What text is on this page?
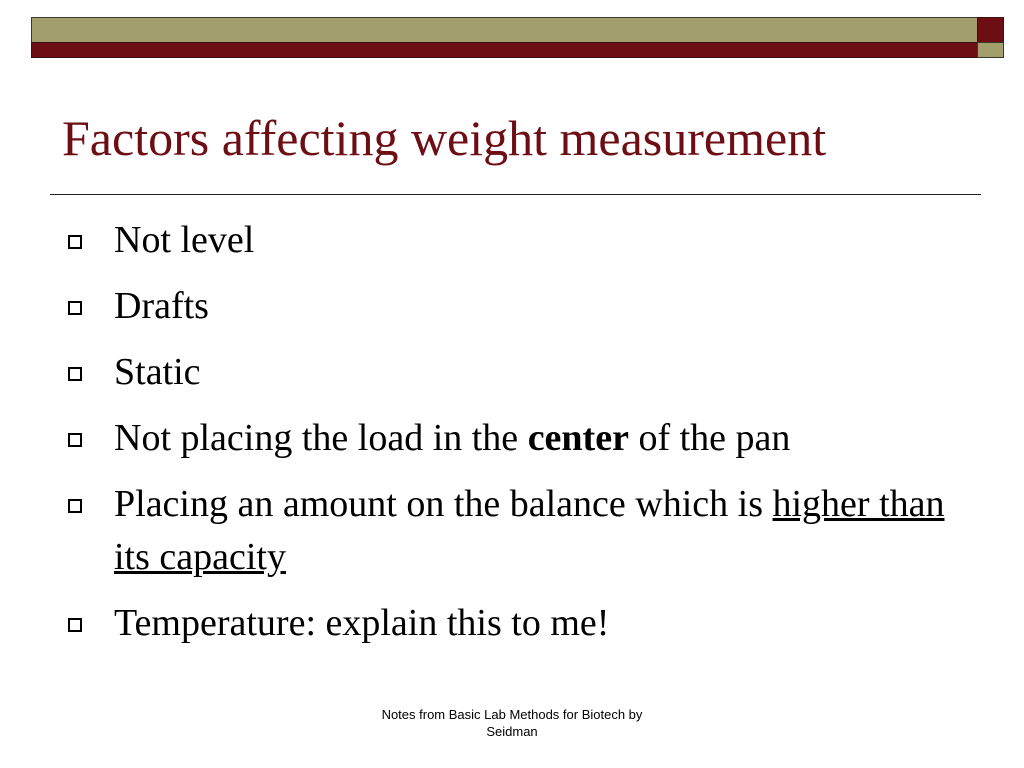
Factors affecting weight measurement
Not level
Drafts
Static
Not placing the load in the center of the pan
Placing an amount on the balance which is higher than its capacity
Temperature: explain this to me!
Notes from Basic Lab Methods for Biotech by
Seidman
